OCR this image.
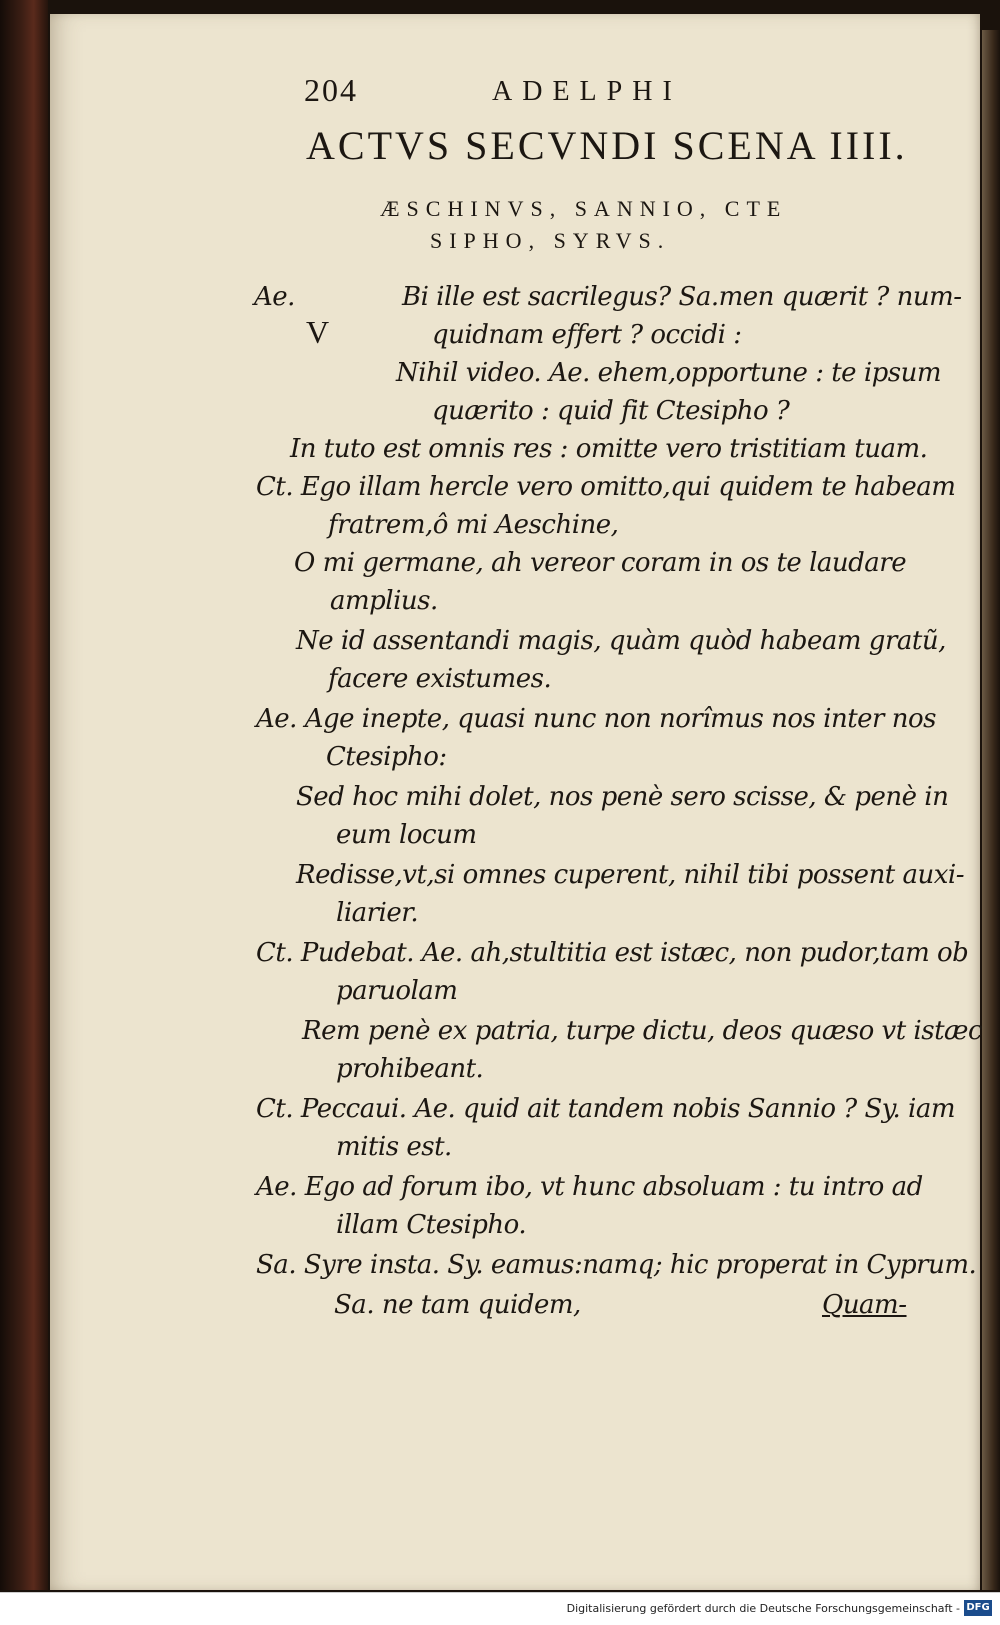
204	ADELPHI
ACTVS SECVNDI SCENA IIII.
ÆSCHINVS, SANNIO, CTE
SIPHO, SYRVS.
Ae.
V
Bi ille est sacrilegus? Sa.men quærit ? num-
quidnam effert ? occidi :
Nihil video. Ae. ehem,opportune : te ipsum
quærito : quid fit Ctesipho ?
In tuto est omnis res : omitte vero tristitiam tuam.
Ct. Ego illam hercle vero omitto,qui quidem te habeam
fratrem,ô mi Aeschine,
O mi germane, ah vereor coram in os te laudare
amplius.
Ne id assentandi magis, quàm quòd habeam gratũ,
facere existumes.
Ae. Age inepte, quasi nunc non norîmus nos inter nos
Ctesipho:
Sed hoc mihi dolet, nos penè sero scisse, & penè in
eum locum
Redisse,vt,si omnes cuperent, nihil tibi possent auxi-
liarier.
Ct. Pudebat. Ae. ah,stultitia est istæc, non pudor,tam ob
paruolam
Rem penè ex patria, turpe dictu, deos quæso vt istæc
prohibeant.
Ct. Peccaui. Ae. quid ait tandem nobis Sannio ? Sy. iam
mitis est.
Ae. Ego ad forum ibo, vt hunc absoluam : tu intro ad
illam Ctesipho.
Sa. Syre insta. Sy. eamus:namq; hic properat in Cyprum.
Sa. ne tam quidem,	Quam-
Digitalisierung gefördert durch die Deutsche Forschungsgemeinschaft - DFG
